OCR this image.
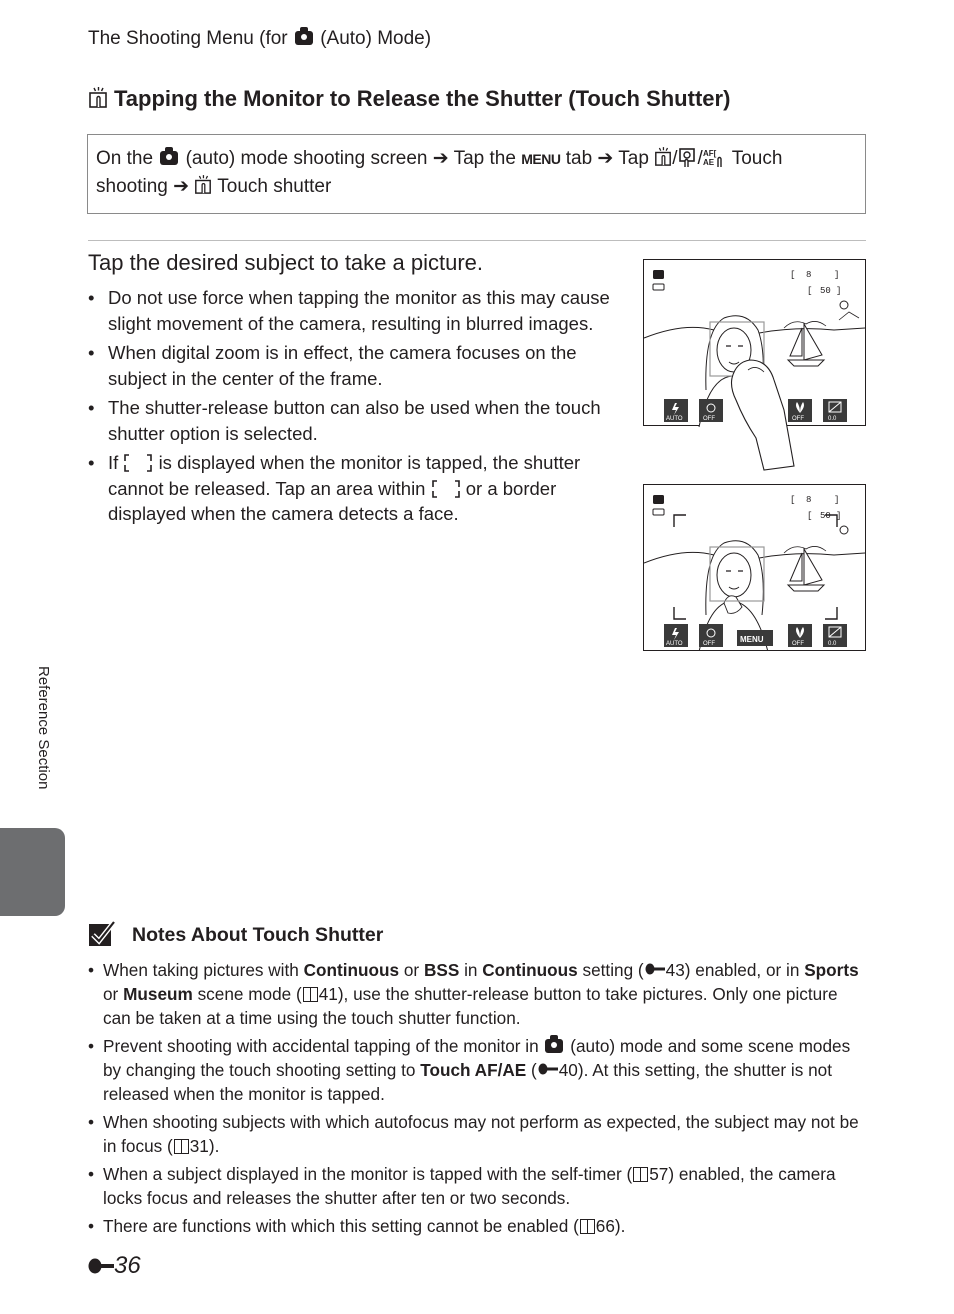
The Shooting Menu (for (Auto) Mode)
Tapping the Monitor to Release the Shutter (Touch Shutter)
On the (auto) mode shooting screen ➔ Tap the MENU tab ➔ Tap / / AF[
AE Touch
shooting ➔ Touch shutter
Tap the desired subject to take a picture.
• Do not use force when tapping the monitor as this may cause slight movement of the camera, resulting in blurred images.
• When digital zoom is in effect, the camera focuses on the subject in the center of the frame.
• The shutter-release button can also be used when the touch shutter option is selected.
• If is displayed when the monitor is tapped, the shutter cannot be released. Tap an area within or a border displayed when the camera detects a face.
[ 8	]
[ 50 ]
AUTO	OFF	OFF	0.0
[ 8	]
[ 50 ]
AUTO	OFF	MENU	OFF	0.0
Reference Section
Notes About Touch Shutter
• When taking pictures with Continuous or BSS in Continuous setting ( 43) enabled, or in Sports or Museum scene mode ( 41), use the shutter-release button to take pictures. Only one picture can be taken at a time using the touch shutter function.
• Prevent shooting with accidental tapping of the monitor in (auto) mode and some scene modes by changing the touch shooting setting to Touch AF/AE ( 40). At this setting, the shutter is not released when the monitor is tapped.
• When shooting subjects with which autofocus may not perform as expected, the subject may not be in focus ( 31).
• When a subject displayed in the monitor is tapped with the self-timer ( 57) enabled, the camera locks focus and releases the shutter after ten or two seconds.
• There are functions with which this setting cannot be enabled ( 66).
36
